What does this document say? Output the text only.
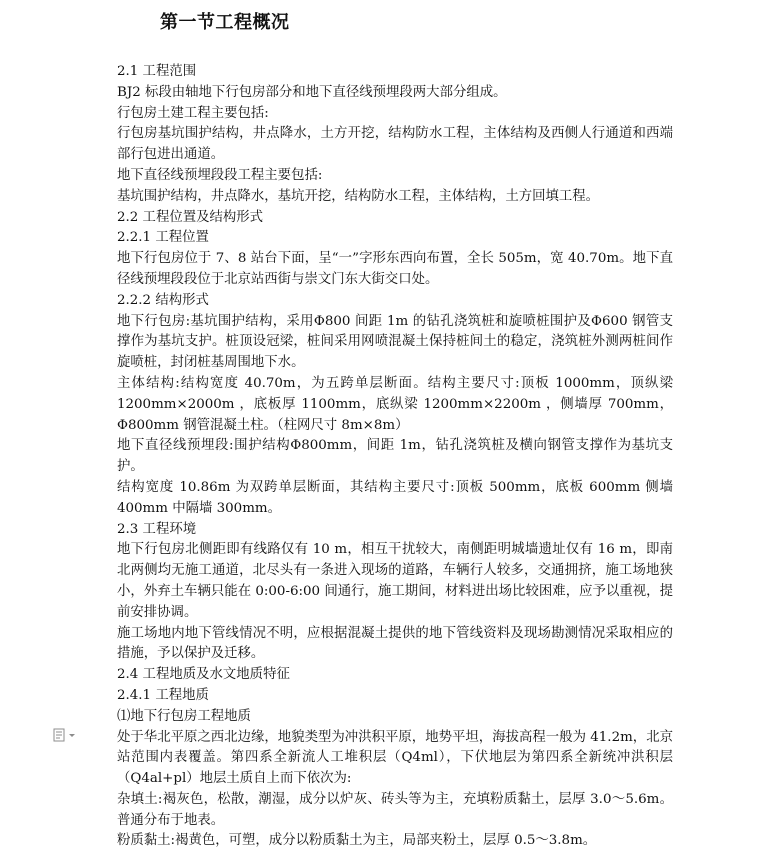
第一节工程概况

2.1 工程范围

BJ2 标段由轴地下行包房部分和地下直径线预埋段两大部分组成。

行包房土建工程主要包括:

行包房基坑围护结构，井点降水，土方开挖，结构防水工程，主体结构及西侧人行通道和西端部行包进出通道。

地下直径线预埋段段工程主要包括:

基坑围护结构，井点降水，基坑开挖，结构防水工程，主体结构，土方回填工程。

2.2 工程位置及结构形式

2.2.1 工程位置

地下行包房位于 7、8 站台下面，呈“一”字形东西向布置，全长 505m，宽 40.70m。地下直径线预埋段段位于北京站西街与崇文门东大街交口处。

2.2.2 结构形式

地下行包房:基坑围护结构，采用Φ800 间距 1m 的钻孔浇筑桩和旋喷桩围护及Φ600 钢管支撑作为基坑支护。桩顶设冠梁，桩间采用网喷混凝土保持桩间土的稳定，浇筑桩外测两桩间作旋喷桩，封闭桩基周围地下水。

主体结构:结构宽度 40.70m，为五跨单层断面。结构主要尺寸:顶板 1000mm，顶纵梁 1200mm×2000m ，底板厚 1100mm，底纵梁 1200mm×2200m ，侧墙厚 700mm， Φ800mm 钢管混凝土柱。（柱网尺寸 8m×8m）

地下直径线预埋段:围护结构Φ800mm，间距 1m，钻孔浇筑桩及横向钢管支撑作为基坑支护。

结构宽度 10.86m 为双跨单层断面，其结构主要尺寸:顶板 500mm，底板 600mm 侧墙 400mm 中隔墙 300mm。

2.3 工程环境

地下行包房北侧距即有线路仅有 10 m，相互干扰较大，南侧距明城墙遗址仅有 16 m，即南北两侧均无施工通道，北尽头有一条进入现场的道路，车辆行人较多，交通拥挤，施工场地狭小，外弃土车辆只能在 0:00-6:00 间通行，施工期间，材料进出场比较困难，应予以重视，提前安排协调。

施工场地内地下管线情况不明，应根据混凝土提供的地下管线资料及现场勘测情况采取相应的措施，予以保护及迁移。

2.4 工程地质及水文地质特征

2.4.1 工程地质

⑴地下行包房工程地质

处于华北平原之西北边缘，地貌类型为冲洪积平原，地势平坦，海拔高程一般为 41.2m，北京站范围内表覆盖。第四系全新流人工堆积层（Q4ml），下伏地层为第四系全新统冲洪积层（Q4al+pl）地层土质自上而下依次为:

杂填土:褐灰色，松散，潮湿，成分以炉灰、砖头等为主，充填粉质黏土，层厚 3.0～5.6m。普通分布于地表。

粉质黏土:褐黄色，可塑，成分以粉质黏土为主，局部夹粉土，层厚 0.5～3.8m。
